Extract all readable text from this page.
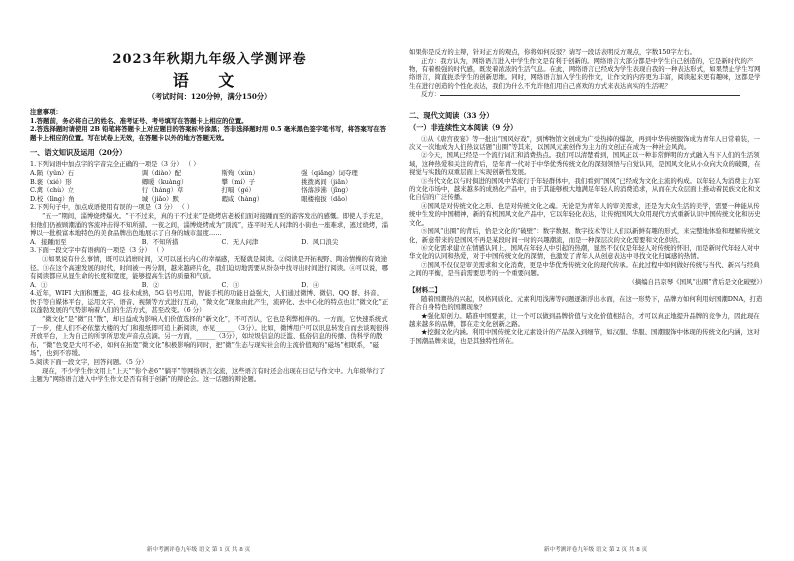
2023年秋期九年级入学测评卷
语 文
（考试时间：120分钟，满分150分）

注意事项：

1.答题前，务必将自己的姓名、准考证号、考号填写在答题卡上相应的位置。

2.答选择题时请使用 2B 铅笔将答题卡上对应题目的答案标号涂黑；答非选择题时用 0.5 毫米黑色签字笔书写，将答案写在答题卡上相应的位置。写在试卷上无效，在答题卡以外的地方答题无效。

一、语文知识及运用（20分）

1.下列词语中加点字的字音完全正确的一项是（3 分） （ ）

A.陨（yǔn）石	调（diào）配	斯殉（xùn）	强（qiǎng）词夺理
B.褒（xié）形	卿暖（kuàng）	攀（mí）子	挑拨离间（jiān）
C.禽（chù）立	行（háng）草	打嗝（gé）	恪落涉沸（jǐng）
D.校（lìng）角	城（jiǎo）默	暇咸（hàng）	眼楼袍拔（dǎo）

2.下列句子中，加点成语使用有误的一项是（3 分） （ ）

“五一”期间，淄博烧烤爆火。“干不过来，真的干不过来”是烧烤店老板们面对接踵而至的游客发出的感慨。即使人手充足，但他们仍被顾潮涌的客流冲击得不知所措。一夜之间，淄博烧烤成为“顶流”，连平时无人问津的小街也一座难求，逃过烧烤，淄博以一批极富本地特色的美食品牌出色地展示了自身的城市温度……

A．接踵而至	B．不知所措	C．无人问津	D．风口浪尖

3.下面一段文字中有语病的一项是（3 分） （ ）

①如果说有什么事情，既可以消磨时间，又可以延长内心的幸福感，无疑就是阅读。②阅读是开拓视野、陶冶情操的有效途径。③在这个高速发展的时代，时间被一再分割，越来越碎片化，我们迫切地需要从纷杂中找寻出时间进行阅读。④可以说，哪有阅读都应从显生命的长度和宽度，能够提高生活的质量和气质。

A．①	B．②	C．③	D．④

4.近年，WIFI 大面积覆盖，4G 技术成熟，5G 信号启用，智能手机的功能日益强大，人们通过微博、微信、QQ 群、抖音、快手等自媒体平台，运用文字、语音、视频等方式进行互动，“微文化”现象由此产生，流碎化、去中心化的特点也让“微文化”正以蓬勃发展的气势影响着人们的生活方式，甚至改变。（6 分）

“微文化”是“微”且“散”，却日益成为影响人们价值选择的“新文化”，不可否认，它也是利弊相伴的。一方面，它快速系统式了一步，使人们不必依靠大楼的大门和报纸即可追上新阅读，亦见______（3分）。比如，微博用户可以讯息转发自而去谈观很得开放平台，上为自己的所享所思发声音点点滴。另一方面，______（3分），如垃圾信息的泛滥、低俗信息的传播、伪科学的散布，“微”色变是大可不必，如何在拓宽“微文化”积极影响的同时，把“微”生态与现实社会的主流价值观的“磁场”相联系，“磁场”，也到不容缓。

5.阅读下面一段文字，回答问题。（5 分）

现在，不少学生作文用上“上天”“你个老6”“躺平”等网络语言交流，这些语言有时还会出现在日记与作文中。九年级举行了主题为“网络语言进入中学生作文是否有利于创新”的辩论会。这一话题的辩论题。

新中考测评卷九年级 语文 第 1 页 共 8 页

如果你是反方的主辩，针对正方的观点，你将如何反驳？请写一段话表明反方观点，字数150字左右。

正方：我方认为，网络语言进入中学生作文是有利于创新的。网络语言大部分都是中学生自己创造的，它是新时代的产物，有着极强的时代感，既发着浓浓的生活气息。在此，网络语言已经成为学生表现自我的一种表达形式，如果禁止学生写网络语言，简直扼杀学生的创新思维。同时，网络语言加入学生的作文，让作文的内容更为丰富，阅读起来更有趣味，这都是学生在进行创造的个性化表达，我们为什么不允许他们用自己喜欢的方式来表达真实的生活呢？

反方：

二、现代文阅读（33 分）
（一）非连续性文本阅读（9 分）

①从《唐宫夜宴》等一批出“国风好戏”，到博物馆文创成为广受热捧的爆款，再到中华传统服饰成为青年人日常着装，一次又一次地成为人们热议话题“出圈”等其来，以国风元素创作为主力的文创正在成为一种社会风尚。

②今天，国风已经是一个流行词汇和消费热点。我们可以清楚看到，国风正以一种非常鲜明的方式融入当下人们的生活领域，这种热爱和关注的背后，是年青一代对于中华优秀传统文化的深刻领悟与自觉认同，是国风文化从小众向大众的破圈，在视觉与实践的双重层面上实现创新性发展。

③当代文化以与时俱进的国风中华流行于年轻群体中，我们看到“国风”已经成为文化主流的构成。以年轻人为消费主力军的文化市场中，越来越多的成熟化产品中，由于其能够极大地满足年轻人的消费追求，从而在大众层面上推动着民族文化和文化自信的广泛传播。

④国风是对传统文化之形、也是对传统文化之魂。无论是为青年人的审美需求，还是为大众生活的美学，需要一种能从传统中生发的中国精神，新的有机国风文化产品中，它以年轻化表达，让传统国风大众用现代方式重新认识中国传统文化和历史文化。

⑤国风“出圈”的背后，恰是文化的“破壁”：数字数据、数字技术等让人们以新鲜有趣的形式，来完整地体验和理解传统文化，新意带来的是国风不再是某段时间一时的兴趣潮流，而是一种深层次的文化需要和文化供给。

⑥文化需求建立在情感认同上，国风在年轻人中引起的热潮，显然不仅仅是年轻人对传统的怀旧，而是新时代年轻人对中华文化的认同和热爱，对于中国传统文化的深情，也激发了青年人从创意表达中寻找文化归属感的热情。

⑦国风不仅仅是审美需求和文化消费，更是中华优秀传统文化的现代传承。在此过程中如何做好传统与当代、新兴与经典之间的平衡，是当前需要思考的一个重要问题。

（摘编自吕京琴《国风“出圈”背后是文化破壁》）

【材料二】

随着国潮热的兴起，风格同质化、元素利用浅薄等问题逐渐浮出水面，在这一形势下，品牌方如何利用好国潮DNA，打造符合自身特色的国潮现象？

★强化原创力。瞄准中国要素，让一个可以做到品牌价值与文化价值相结合，才可以真正地提升品牌的竞争力，因此现在越来越多的品牌，都在走文化创新之路。

★挖掘文化内涵。利用中国传统文化元素设计的产品深入到细节，如汉服、华服、国潮服饰中体现的传统文化内涵，这对于国潮品牌来说，也是其独特性所在。

新中考测评卷九年级 语文 第 2 页 共 8 页
